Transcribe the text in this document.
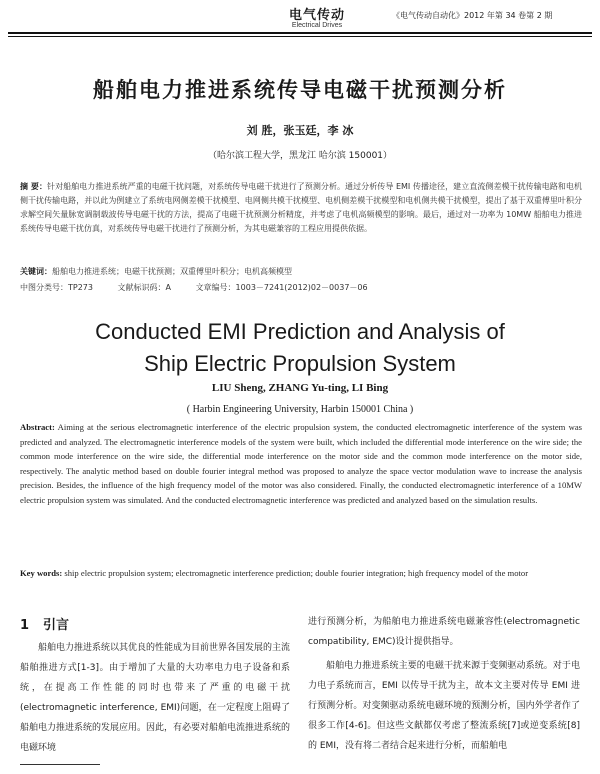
电气传动
Electrical Drives
《电气传动自动化》2012 年第 34 卷第 2 期
船舶电力推进系统传导电磁干扰预测分析
刘 胜，张玉廷，李 冰
（哈尔滨工程大学，黑龙江 哈尔滨 150001）
摘 要：针对船舶电力推进系统严重的电磁干扰问题，对系统传导电磁干扰进行了预测分析。通过分析传导 EMI 传播途径，建立直流侧差模干扰传输电路和电机侧干扰传输电路，并以此为例建立了系统电网侧差模干扰模型、电网侧共模干扰模型、电机侧差模干扰模型和电机侧共模干扰模型，提出了基于双重傅里叶积分求解空间矢量脉宽调制载波传导电磁干扰的方法，提高了电磁干扰预测分析精度，并考虑了电机高频模型的影响。最后，通过对一功率为 10MW 船舶电力推进系统传导电磁干扰仿真，对系统传导电磁干扰进行了预测分析，为其电磁兼容的工程应用提供依据。
关键词：船舶电力推进系统；电磁干扰预测；双重傅里叶积分；电机高频模型
中图分类号：TP273	文献标识码：A	文章编号：1003－7241(2012)02－0037－06
Conducted EMI Prediction and Analysis of
Ship Electric Propulsion System
LIU Sheng, ZHANG Yu-ting, LI Bing
( Harbin Engineering University, Harbin 150001 China )
Abstract: Aiming at the serious electromagnetic interference of the electric propulsion system, the conducted electromagnetic interference of the system was predicted and analyzed. The electromagnetic interference models of the system were built, which included the differential mode interference on the wire side; the common mode interference on the wire side, the differential mode interference on the motor side and the common mode interference on the motor side, respectively. The analytic method based on double fourier integral method was proposed to analyze the space vector modulation wave to increase the analysis precision. Besides, the influence of the high frequency model of the motor was also considered. Finally, the conducted electromagnetic interference of a 10MW electric propulsion system was simulated. And the conducted electromagnetic interference was predicted and analyzed based on the simulation results.
Key words: ship electric propulsion system; electromagnetic interference prediction; double fourier integration; high frequency model of the motor
1 引言
船舶电力推进系统以其优良的性能成为目前世界各国发展的主流船舶推进方式[1-3]。由于增加了大量的大功率电力电子设备和系统，在提高工作性能的同时也带来了严重的电磁干扰(electromagnetic interference, EMI)问题，在一定程度上阻碍了船舶电力推进系统的发展应用。因此，有必要对船舶电流推进系统的电磁环境

进行预测分析，为船舶电力推进系统电磁兼容性(electromagnetic compatibility, EMC)设计提供指导。

船舶电力推进系统主要的电磁干扰来源于变频驱动系统。对于电力电子系统而言，EMI 以传导干扰为主，故本文主要对传导 EMI 进行预测分析。对变频驱动系统电磁环境的预测分析，国内外学者作了很多工作[4-6]。但这些文献都仅考虑了整流系统[7]或逆变系统[8]的 EMI，没有将二者结合起来进行分析，而船舶电
